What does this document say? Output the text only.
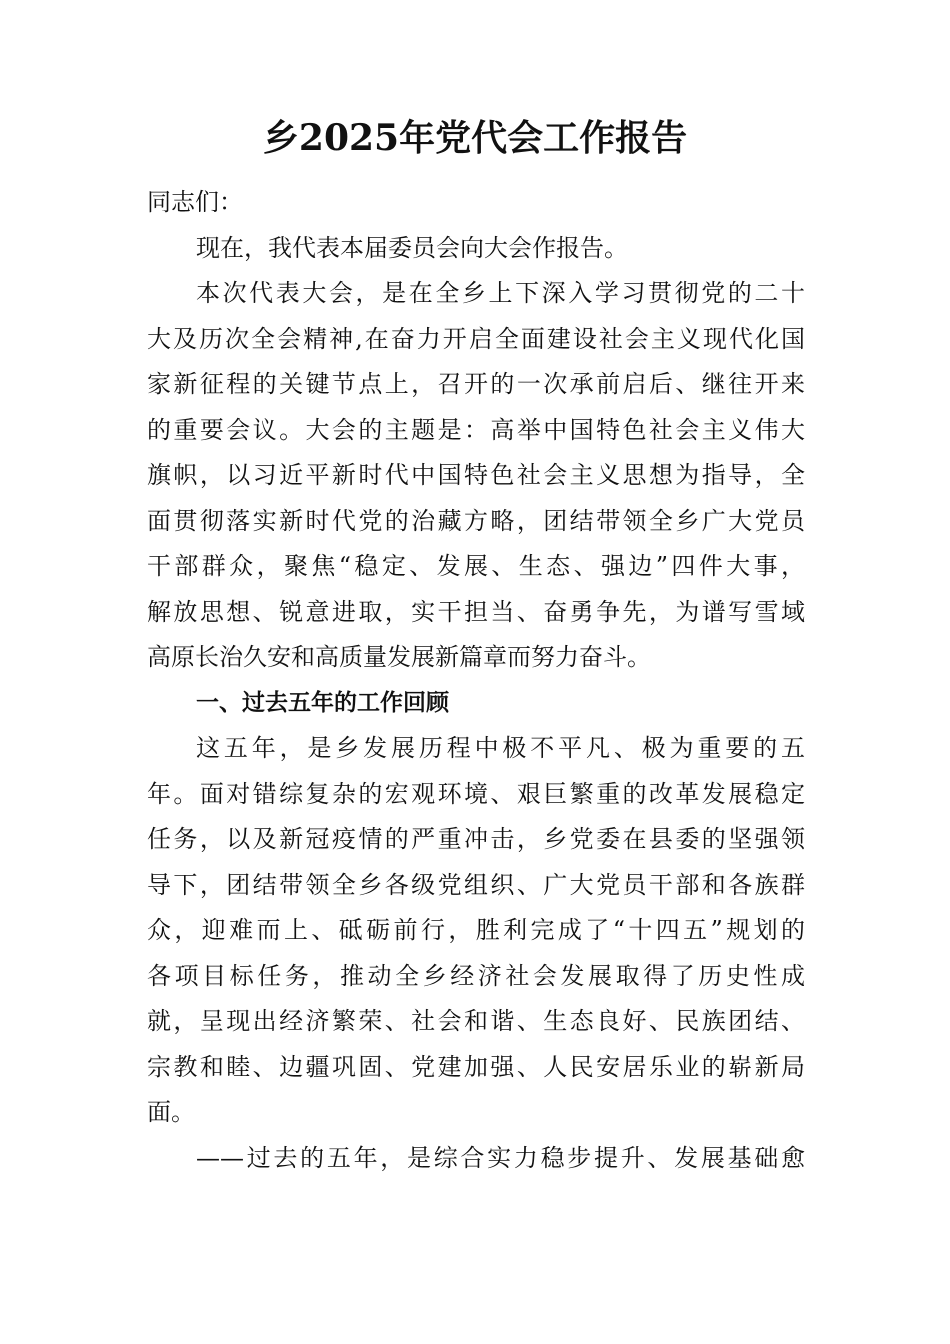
乡2025年党代会工作报告
同志们：
现在，我代表本届委员会向大会作报告。
本次代表大会，是在全乡上下深入学习贯彻党的二十
大及历次全会精神,在奋力开启全面建设社会主义现代化国
家新征程的关键节点上，召开的一次承前启后、继往开来
的重要会议。大会的主题是：高举中国特色社会主义伟大
旗帜，以习近平新时代中国特色社会主义思想为指导，全
面贯彻落实新时代党的治藏方略，团结带领全乡广大党员
干部群众，聚焦“稳定、发展、生态、强边”四件大事，
解放思想、锐意进取，实干担当、奋勇争先，为谱写雪域
高原长治久安和高质量发展新篇章而努力奋斗。
一、过去五年的工作回顾
这五年，是乡发展历程中极不平凡、极为重要的五
年。面对错综复杂的宏观环境、艰巨繁重的改革发展稳定
任务，以及新冠疫情的严重冲击，乡党委在县委的坚强领
导下，团结带领全乡各级党组织、广大党员干部和各族群
众，迎难而上、砥砺前行，胜利完成了“十四五”规划的
各项目标任务，推动全乡经济社会发展取得了历史性成
就，呈现出经济繁荣、社会和谐、生态良好、民族团结、
宗教和睦、边疆巩固、党建加强、人民安居乐业的崭新局
面。
——过去的五年，是综合实力稳步提升、发展基础愈
